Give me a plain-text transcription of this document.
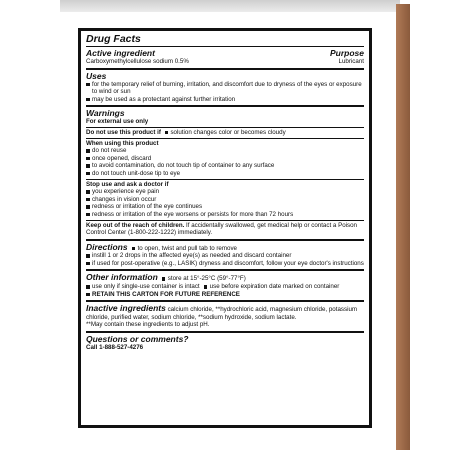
Drug Facts
Active ingredient	Purpose
Carboxymethylcellulose sodium 0.5%	Lubricant
Uses
for the temporary relief of burning, irritation, and discomfort due to dryness of the eyes or exposure to wind or sun
may be used as a protectant against further irritation
Warnings
For external use only
Do not use this product if	solution changes color or becomes cloudy
When using this product
do not reuse
once opened, discard
to avoid contamination, do not touch tip of container to any surface
do not touch unit-dose tip to eye
Stop use and ask a doctor if
you experience eye pain
changes in vision occur
redness or irritation of the eye continues
redness or irritation of the eye worsens or persists for more than 72 hours
Keep out of the reach of children. If accidentally swallowed, get medical help or contact a Poison Control Center (1-800-222-1222) immediately.
Directions	to open, twist and pull tab to remove
instill 1 or 2 drops in the affected eye(s) as needed and discard container
if used for post-operative (e.g., LASIK) dryness and discomfort, follow your eye doctor's instructions
Other information	store at 15°-25°C (59°-77°F)
use only if single-use container is intact	use before expiration date marked on container
RETAIN THIS CARTON FOR FUTURE REFERENCE
Inactive ingredients calcium chloride, **hydrochloric acid, magnesium chloride, potassium chloride, purified water, sodium chloride, **sodium hydroxide, sodium lactate.
**May contain these ingredients to adjust pH.
Questions or comments?
Call 1-888-527-4276
